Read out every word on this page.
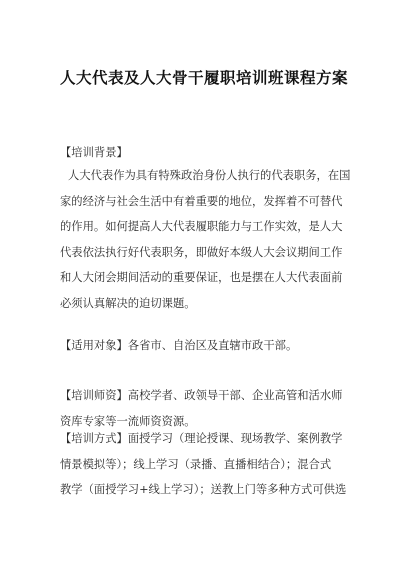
人大代表及人大骨干履职培训班课程方案
【培训背景】
人大代表作为具有特殊政治身份人执行的代表职务，在国
家的经济与社会生活中有着重要的地位，发挥着不可替代
的作用。如何提高人大代表履职能力与工作实效，是人大
代表依法执行好代表职务，即做好本级人大会议期间工作
和人大闭会期间活动的重要保证，也是摆在人大代表面前
必须认真解决的迫切课题。
【适用对象】各省市、自治区及直辖市政干部。
【培训师资】高校学者、政领导干部、企业高管和活水师
资库专家等一流师资资源。
【培训方式】面授学习（理论授课、现场教学、案例教学
情景模拟等）；线上学习（录播、直播相结合）；混合式
教学（面授学习+线上学习）；送教上门等多种方式可供选
